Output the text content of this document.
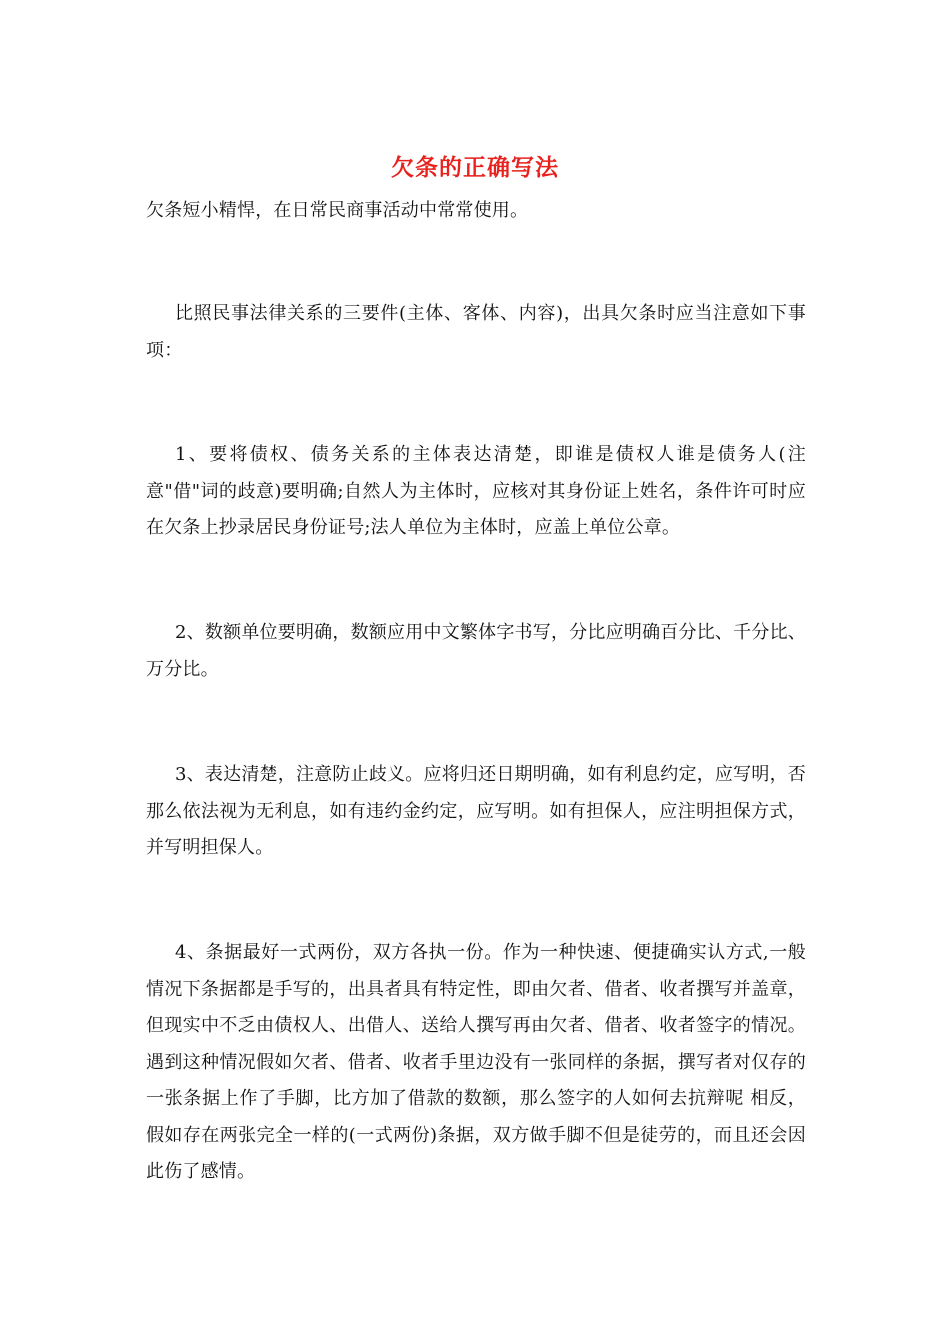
欠条的正确写法

欠条短小精悍，在日常民商事活动中常常使用。

比照民事法律关系的三要件(主体、客体、内容)，出具欠条时应当注意如下事项：

1、要将债权、债务关系的主体表达清楚，即谁是债权人谁是债务人(注意"借"词的歧意)要明确;自然人为主体时，应核对其身份证上姓名，条件许可时应在欠条上抄录居民身份证号;法人单位为主体时，应盖上单位公章。

2、数额单位要明确，数额应用中文繁体字书写，分比应明确百分比、千分比、万分比。

3、表达清楚，注意防止歧义。应将归还日期明确，如有利息约定，应写明，否那么依法视为无利息，如有违约金约定，应写明。如有担保人，应注明担保方式，并写明担保人。

4、条据最好一式两份，双方各执一份。作为一种快速、便捷确实认方式,一般情况下条据都是手写的，出具者具有特定性，即由欠者、借者、收者撰写并盖章，但现实中不乏由债权人、出借人、送给人撰写再由欠者、借者、收者签字的情况。遇到这种情况假如欠者、借者、收者手里边没有一张同样的条据，撰写者对仅存的一张条据上作了手脚，比方加了借款的数额，那么签字的人如何去抗辩呢 相反，假如存在两张完全一样的(一式两份)条据，双方做手脚不但是徒劳的，而且还会因此伤了感情。
